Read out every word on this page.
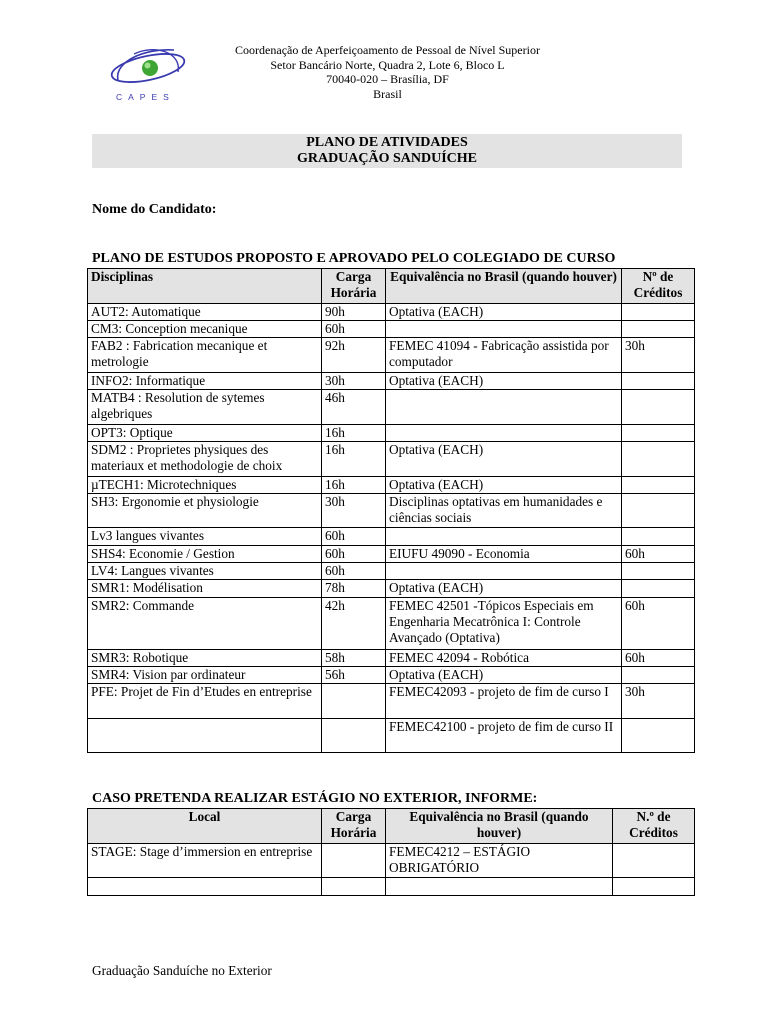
CAPES
Coordenação de Aperfeiçoamento de Pessoal de Nível Superior
Setor Bancário Norte, Quadra 2, Lote 6, Bloco L
70040-020 – Brasília, DF
Brasil
PLANO DE ATIVIDADES
GRADUAÇÃO SANDUÍCHE
Nome do Candidato:
PLANO DE ESTUDOS PROPOSTO E APROVADO PELO COLEGIADO DE CURSO
Disciplinas	Carga Horária	Equivalência no Brasil (quando houver)	Nº de Créditos
AUT2: Automatique	90h	Optativa (EACH)	
CM3: Conception mecanique	60h		
FAB2 : Fabrication mecanique et metrologie	92h	FEMEC 41094 - Fabricação assistida por computador	30h
INFO2: Informatique	30h	Optativa (EACH)	
MATB4 : Resolution de sytemes algebriques	46h		
OPT3: Optique	16h		
SDM2 : Proprietes physiques des materiaux et methodologie de choix	16h	Optativa (EACH)	
µTECH1: Microtechniques	16h	Optativa (EACH)	
SH3: Ergonomie et physiologie	30h	Disciplinas optativas em humanidades e ciências sociais	
Lv3 langues vivantes	60h		
SHS4: Economie / Gestion	60h	EIUFU 49090 - Economia	60h
LV4: Langues vivantes	60h		
SMR1: Modélisation	78h	Optativa (EACH)	
SMR2: Commande	42h	FEMEC 42501 -Tópicos Especiais em Engenharia Mecatrônica I: Controle Avançado (Optativa)	60h
SMR3: Robotique	58h	FEMEC 42094 - Robótica	60h
SMR4: Vision par ordinateur	56h	Optativa (EACH)	
PFE: Projet de Fin d’Etudes en entreprise		FEMEC42093 - projeto de fim de curso I	30h
		FEMEC42100 - projeto de fim de curso II	
CASO PRETENDA REALIZAR ESTÁGIO NO EXTERIOR, INFORME:
Local	Carga Horária	Equivalência no Brasil (quando houver)	N.º de Créditos
STAGE: Stage d’immersion en entreprise		FEMEC4212 – ESTÁGIO OBRIGATÓRIO	

Graduação Sanduíche no Exterior
